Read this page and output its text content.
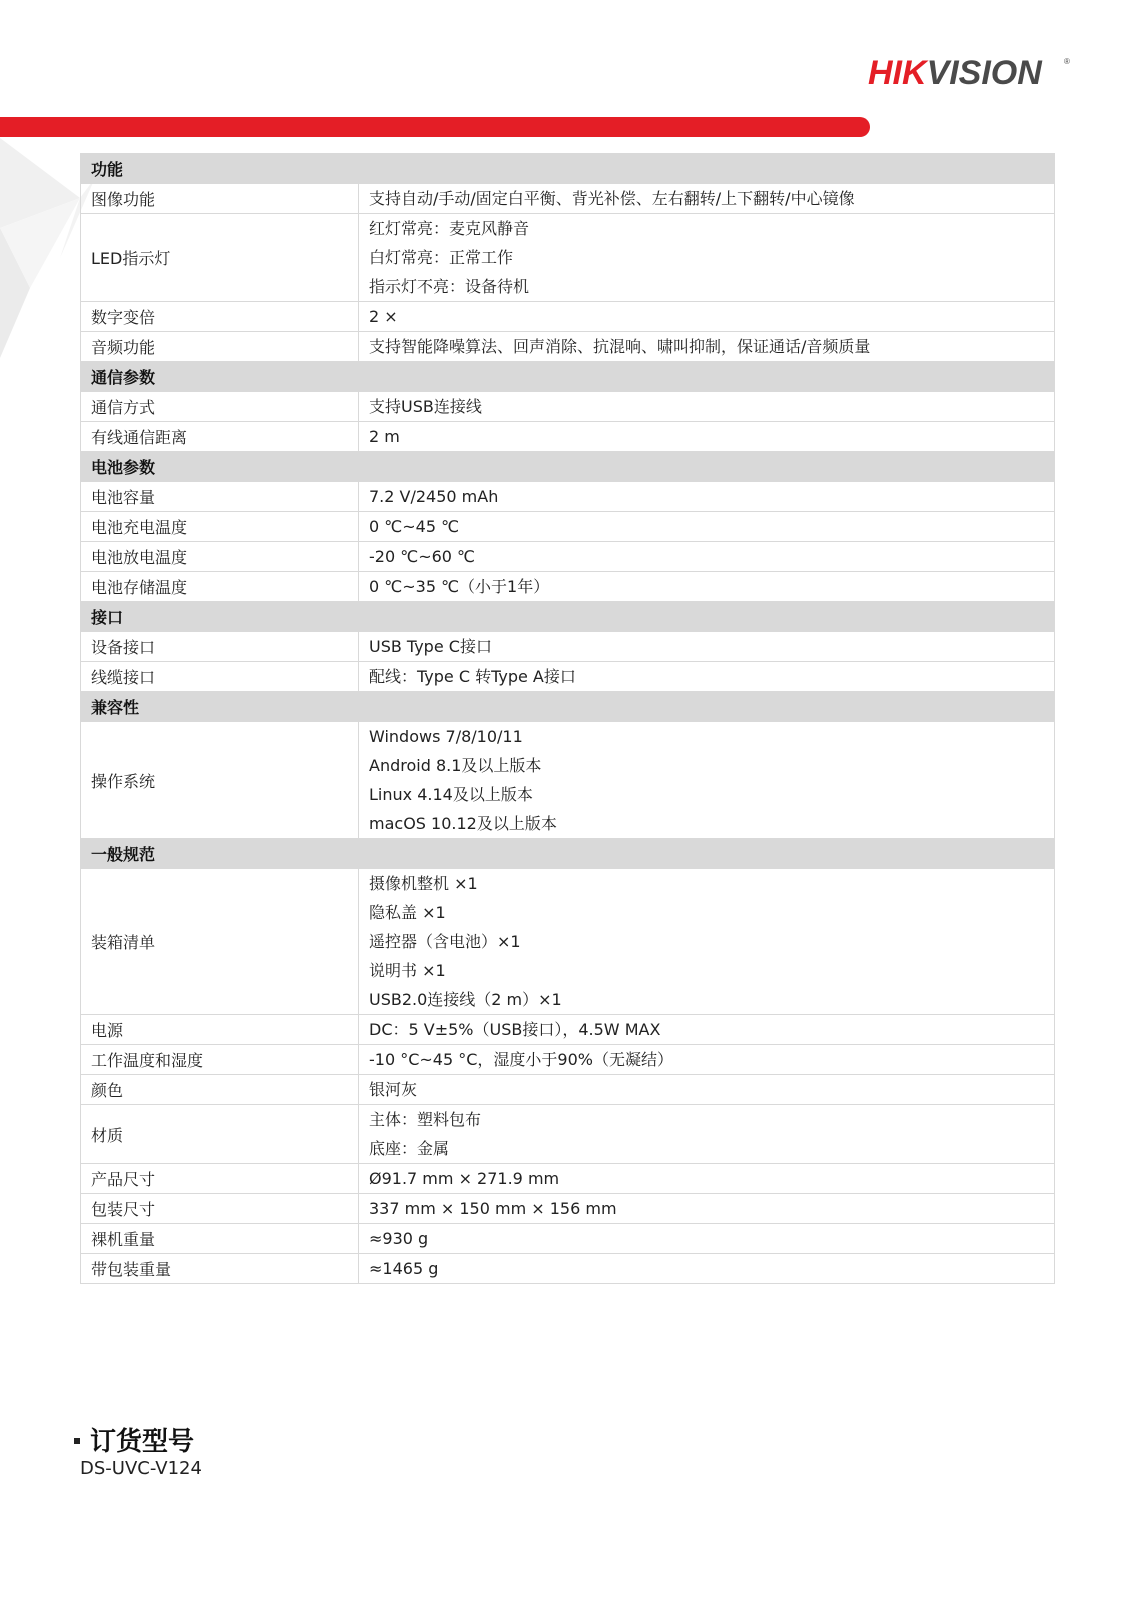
HIKVISION	®
功能	
图像功能	支持自动/手动/固定白平衡、背光补偿、左右翻转/上下翻转/中心镜像

LED指示灯	红灯常亮：麦克风静音
白灯常亮：正常工作
指示灯不亮：设备待机

数字变倍	2 ×

音频功能	支持智能降噪算法、回声消除、抗混响、啸叫抑制，保证通话/音频质量

通信参数	
通信方式	支持USB连接线

有线通信距离	2 m

电池参数	
电池容量	7.2 V/2450 mAh

电池充电温度	0 ℃~45 ℃

电池放电温度	-20 ℃~60 ℃

电池存储温度	0 ℃~35 ℃（小于1年）

接口	
设备接口	USB Type C接口

线缆接口	配线：Type C 转Type A接口

兼容性	
操作系统	Windows 7/8/10/11
Android 8.1及以上版本
Linux 4.14及以上版本
macOS 10.12及以上版本

一般规范	
装箱清单	摄像机整机 ×1
隐私盖 ×1
遥控器（含电池）×1
说明书 ×1
USB2.0连接线（2 m）×1

电源	DC：5 V±5%（USB接口），4.5W MAX

工作温度和湿度	-10 °C~45 °C，湿度小于90%（无凝结）

颜色	银河灰

材质	主体：塑料包布
底座：金属

产品尺寸	Ø91.7 mm × 271.9 mm

包装尺寸	337 mm × 150 mm × 156 mm

裸机重量	≈930 g

带包装重量	≈1465 g
订货型号
DS-UVC-V124
